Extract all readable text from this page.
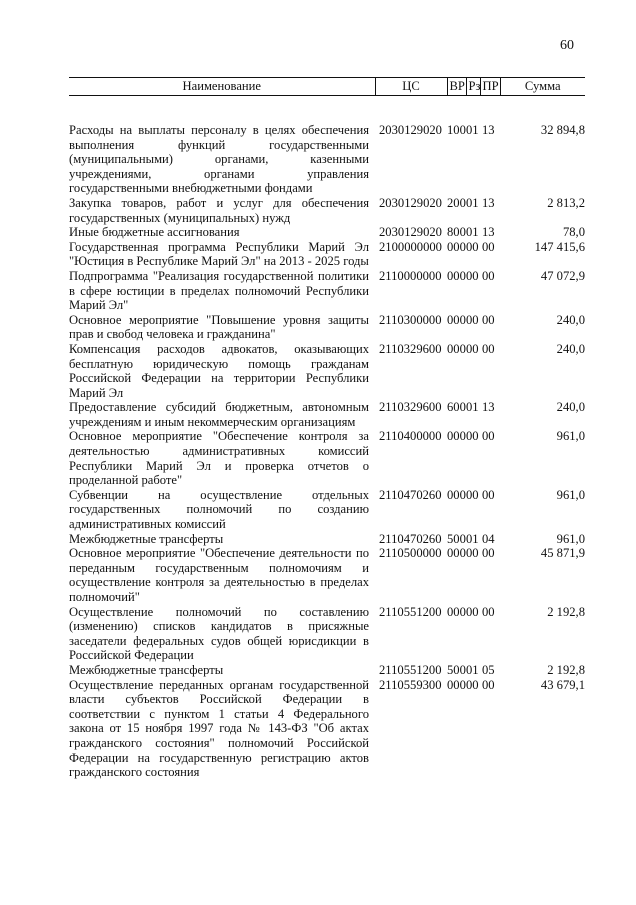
60
Наименование	ЦС	ВР	Рз	ПР	Сумма
Расходы на выплаты персоналу в целях обеспечения выполнения функций государственными (муниципальными) органами, казенными учреждениями, органами управления государственными внебюджетными фондами	2030129020	100	01	13	32 894,8
Закупка товаров, работ и услуг для обеспечения государственных (муниципальных) нужд	2030129020	200	01	13	2 813,2
Иные бюджетные ассигнования	2030129020	800	01	13	78,0
Государственная программа Республики Марий Эл "Юстиция в Республике Марий Эл" на 2013 - 2025 годы	2100000000	000	00	00	147 415,6
Подпрограмма "Реализация государственной политики в сфере юстиции в пределах полномочий Республики Марий Эл"	2110000000	000	00	00	47 072,9
Основное мероприятие "Повышение уровня защиты прав и свобод человека и гражданина"	2110300000	000	00	00	240,0
Компенсация расходов адвокатов, оказывающих бесплатную юридическую помощь гражданам Российской Федерации на территории Республики Марий Эл	2110329600	000	00	00	240,0
Предоставление субсидий бюджетным, автономным учреждениям и иным некоммерческим организациям	2110329600	600	01	13	240,0
Основное мероприятие "Обеспечение контроля за деятельностью административных комиссий Республики Марий Эл и проверка отчетов о проделанной работе"	2110400000	000	00	00	961,0
Субвенции на осуществление отдельных государственных полномочий по созданию административных комиссий	2110470260	000	00	00	961,0
Межбюджетные трансферты	2110470260	500	01	04	961,0
Основное мероприятие "Обеспечение деятельности по переданным государственным полномочиям и осуществление контроля за деятельностью в пределах полномочий"	2110500000	000	00	00	45 871,9
Осуществление полномочий по составлению (изменению) списков кандидатов в присяжные заседатели федеральных судов общей юрисдикции в Российской Федерации	2110551200	000	00	00	2 192,8
Межбюджетные трансферты	2110551200	500	01	05	2 192,8
Осуществление переданных органам государственной власти субъектов Российской Федерации в соответствии с пунктом 1 статьи 4 Федерального закона от 15 ноября 1997 года № 143-ФЗ "Об актах гражданского состояния" полномочий Российской Федерации на государственную регистрацию актов гражданского состояния	2110559300	000	00	00	43 679,1
